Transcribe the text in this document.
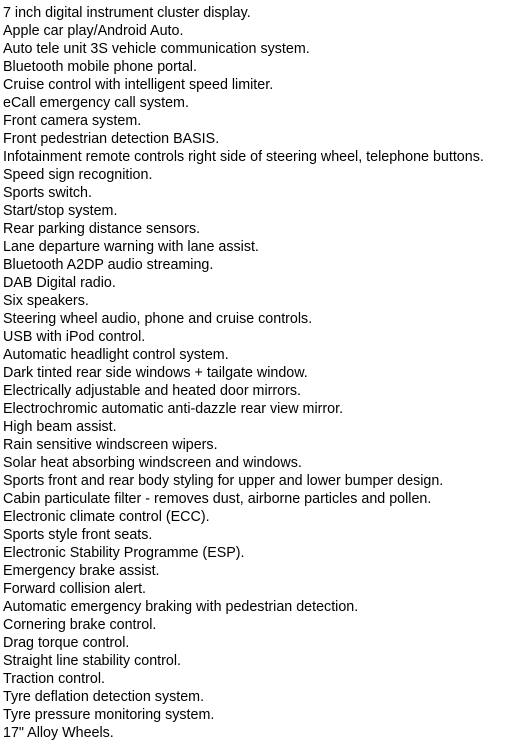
7 inch digital instrument cluster display.
Apple car play/Android Auto.
Auto tele unit 3S vehicle communication system.
Bluetooth mobile phone portal.
Cruise control with intelligent speed limiter.
eCall emergency call system.
Front camera system.
Front pedestrian detection BASIS.
Infotainment remote controls right side of steering wheel, telephone buttons.
Speed sign recognition.
Sports switch.
Start/stop system.
Rear parking distance sensors.
Lane departure warning with lane assist.
Bluetooth A2DP audio streaming.
DAB Digital radio.
Six speakers.
Steering wheel audio, phone and cruise controls.
USB with iPod control.
Automatic headlight control system.
Dark tinted rear side windows + tailgate window.
Electrically adjustable and heated door mirrors.
Electrochromic automatic anti-dazzle rear view mirror.
High beam assist.
Rain sensitive windscreen wipers.
Solar heat absorbing windscreen and windows.
Sports front and rear body styling for upper and lower bumper design.
Cabin particulate filter - removes dust, airborne particles and pollen.
Electronic climate control (ECC).
Sports style front seats.
Electronic Stability Programme (ESP).
Emergency brake assist.
Forward collision alert.
Automatic emergency braking with pedestrian detection.
Cornering brake control.
Drag torque control.
Straight line stability control.
Traction control.
Tyre deflation detection system.
Tyre pressure monitoring system.
17" Alloy Wheels.
